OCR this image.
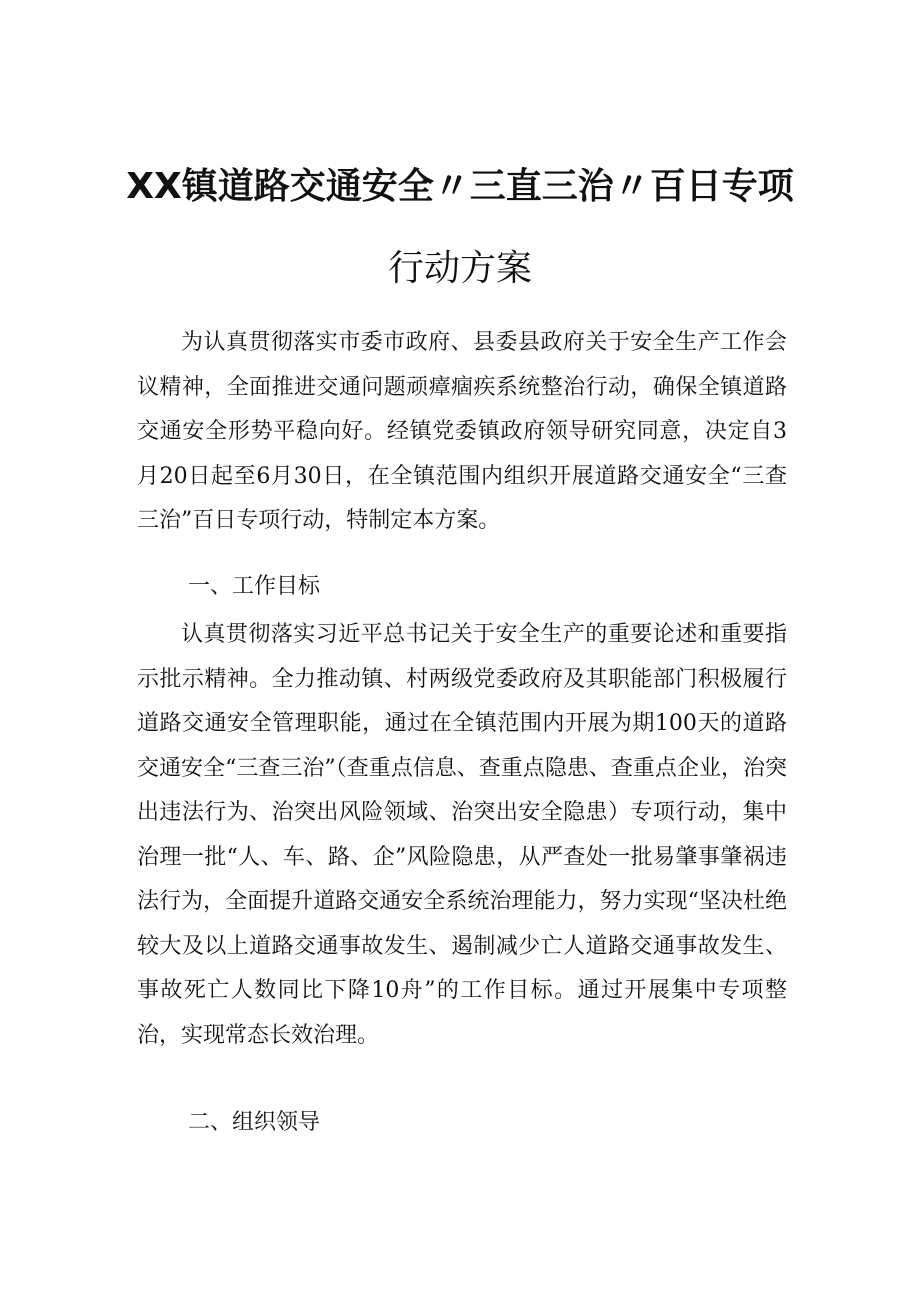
XX镇道路交通安全〃三直三治〃百日专项
行动方案

为认真贯彻落实市委市政府、县委县政府关于安全生产工作会议精神，全面推进交通问题顽瘴痼疾系统整治行动，确保全镇道路交通安全形势平稳向好。经镇党委镇政府领导研究同意，决定自3月20日起至6月30日，在全镇范围内组织开展道路交通安全“三查三治”百日专项行动，特制定本方案。

一、工作目标

认真贯彻落实习近平总书记关于安全生产的重要论述和重要指示批示精神。全力推动镇、村两级党委政府及其职能部门积极履行道路交通安全管理职能，通过在全镇范围内开展为期100天的道路交通安全“三查三治”（查重点信息、查重点隐患、查重点企业，治突出违法行为、治突出风险领域、治突出安全隐患）专项行动，集中治理一批“人、车、路、企”风险隐患，从严查处一批易肇事肇祸违法行为，全面提升道路交通安全系统治理能力，努力实现“坚决杜绝较大及以上道路交通事故发生、遏制减少亡人道路交通事故发生、事故死亡人数同比下降10舟”的工作目标。通过开展集中专项整治，实现常态长效治理。

二、组织领导
